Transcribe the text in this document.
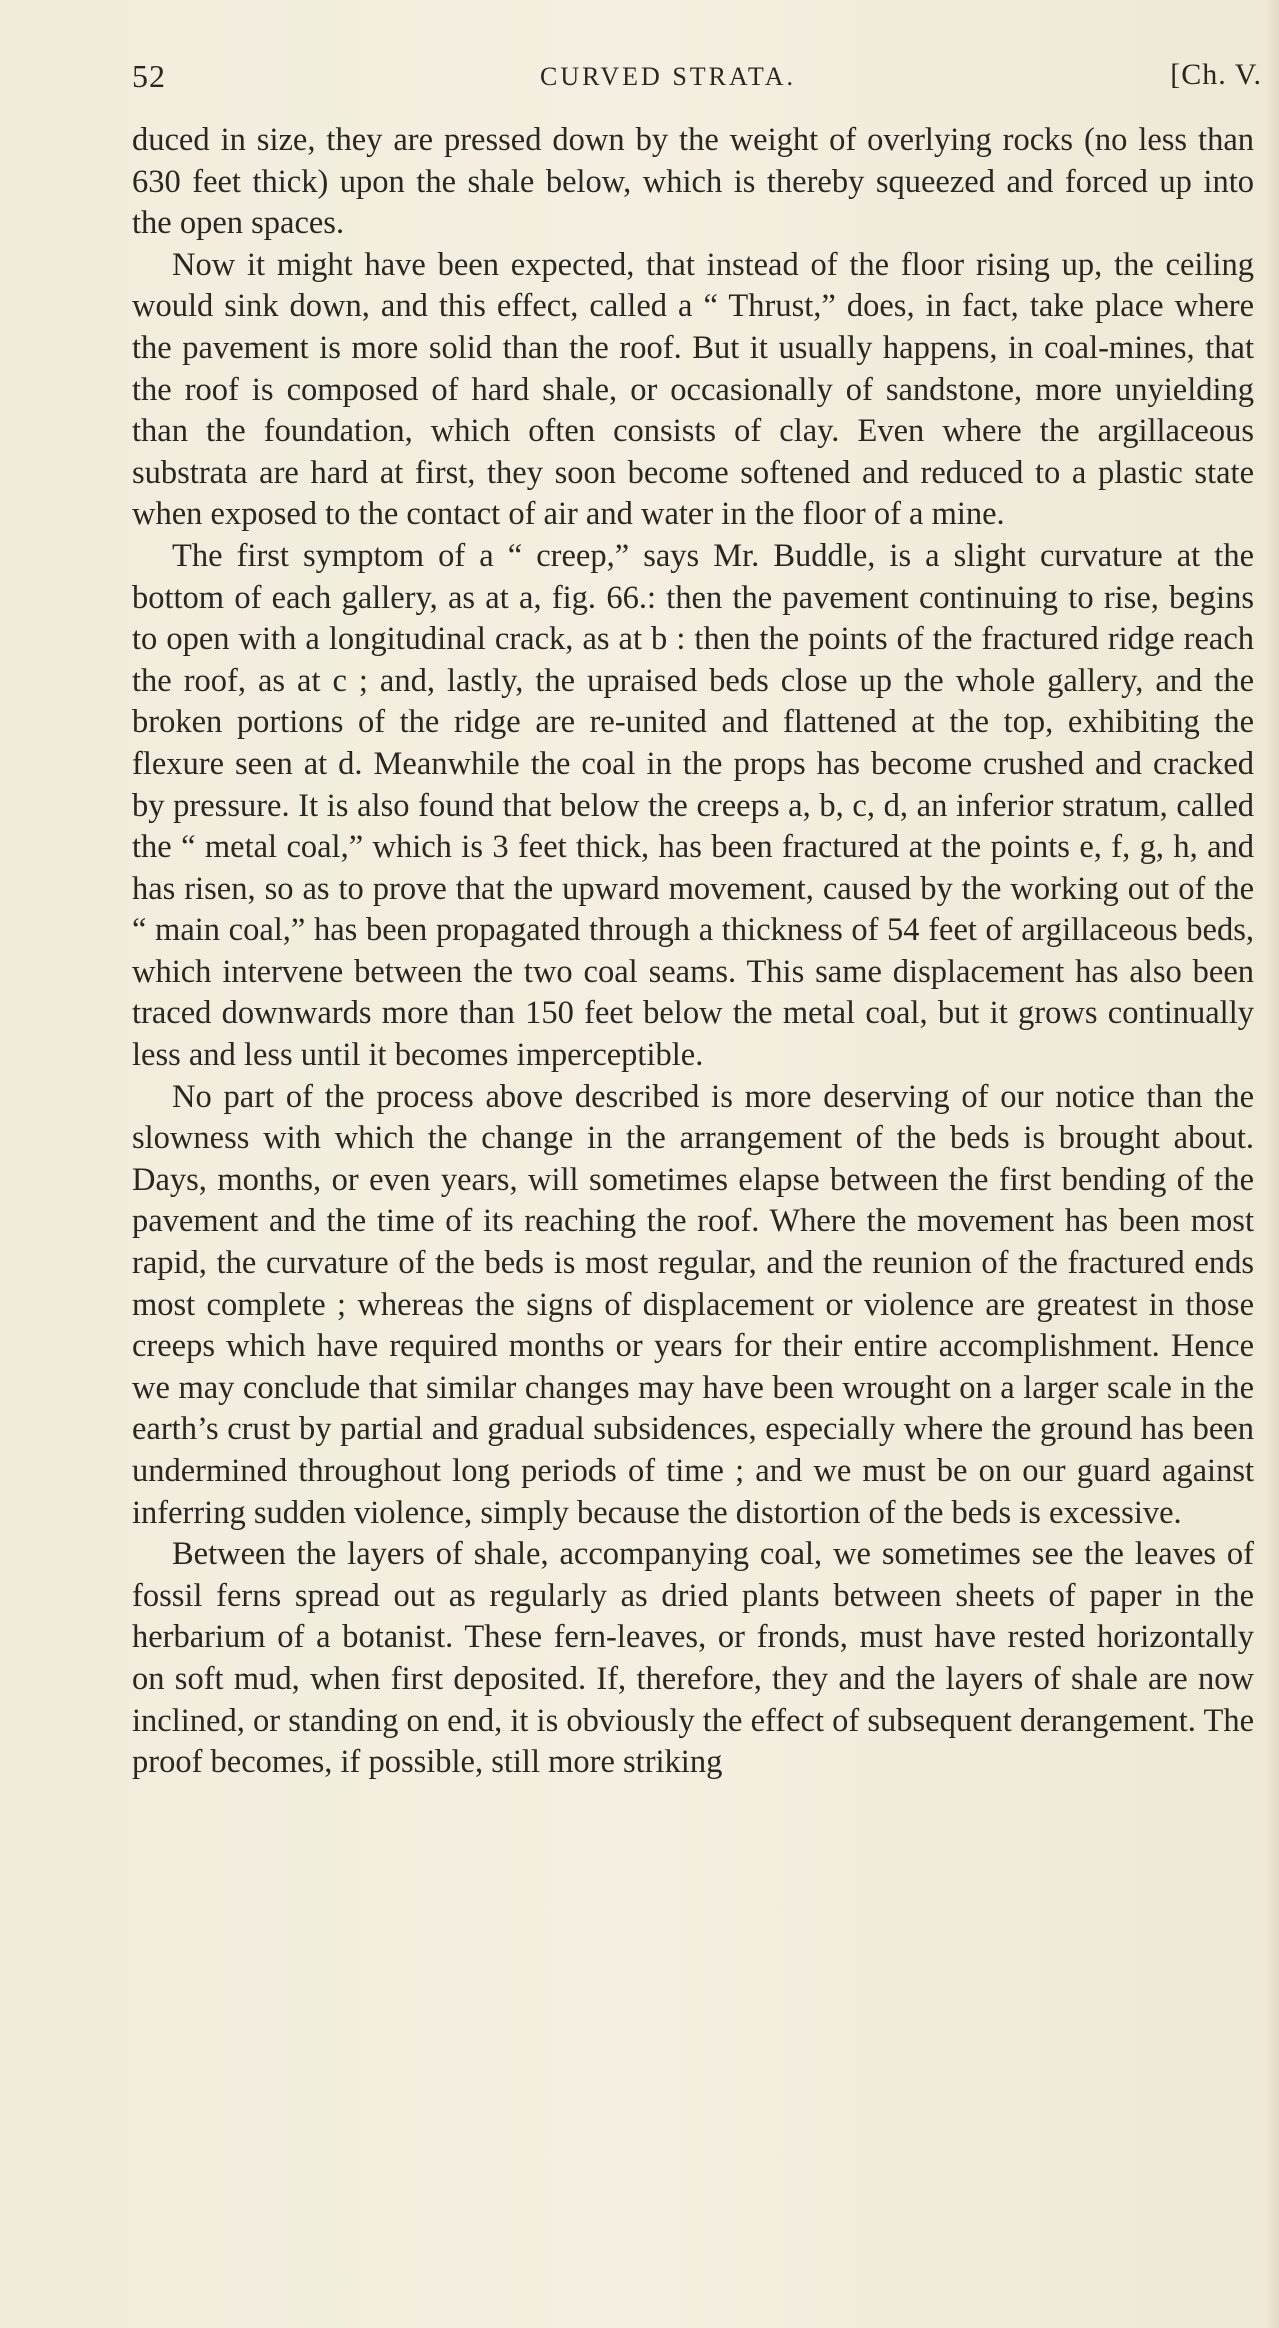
52	CURVED STRATA.	[Ch. V.

duced in size, they are pressed down by the weight of overlying rocks (no less than 630 feet thick) upon the shale below, which is thereby squeezed and forced up into the open spaces.

Now it might have been expected, that instead of the floor rising up, the ceiling would sink down, and this effect, called a “ Thrust,” does, in fact, take place where the pavement is more solid than the roof. But it usually happens, in coal-mines, that the roof is composed of hard shale, or occasionally of sandstone, more unyielding than the foundation, which often consists of clay. Even where the argillaceous substrata are hard at first, they soon become softened and reduced to a plastic state when exposed to the contact of air and water in the floor of a mine.

The first symptom of a “ creep,” says Mr. Buddle, is a slight curvature at the bottom of each gallery, as at a, fig. 66.: then the pavement continuing to rise, begins to open with a longitudinal crack, as at b : then the points of the fractured ridge reach the roof, as at c ; and, lastly, the upraised beds close up the whole gallery, and the broken portions of the ridge are re-united and flattened at the top, exhibiting the flexure seen at d. Meanwhile the coal in the props has become crushed and cracked by pressure. It is also found that below the creeps a, b, c, d, an inferior stratum, called the “ metal coal,” which is 3 feet thick, has been fractured at the points e, f, g, h, and has risen, so as to prove that the upward movement, caused by the working out of the “ main coal,” has been propagated through a thickness of 54 feet of argillaceous beds, which intervene between the two coal seams. This same displacement has also been traced downwards more than 150 feet below the metal coal, but it grows continually less and less until it becomes imperceptible.

No part of the process above described is more deserving of our notice than the slowness with which the change in the arrangement of the beds is brought about. Days, months, or even years, will sometimes elapse between the first bending of the pavement and the time of its reaching the roof. Where the movement has been most rapid, the curvature of the beds is most regular, and the reunion of the fractured ends most complete ; whereas the signs of displacement or violence are greatest in those creeps which have required months or years for their entire accomplishment. Hence we may conclude that similar changes may have been wrought on a larger scale in the earth’s crust by partial and gradual subsidences, especially where the ground has been undermined throughout long periods of time ; and we must be on our guard against inferring sudden violence, simply because the distortion of the beds is excessive.

Between the layers of shale, accompanying coal, we sometimes see the leaves of fossil ferns spread out as regularly as dried plants between sheets of paper in the herbarium of a botanist. These fern-leaves, or fronds, must have rested horizontally on soft mud, when first deposited. If, therefore, they and the layers of shale are now inclined, or standing on end, it is obviously the effect of subsequent derangement. The proof becomes, if possible, still more striking
